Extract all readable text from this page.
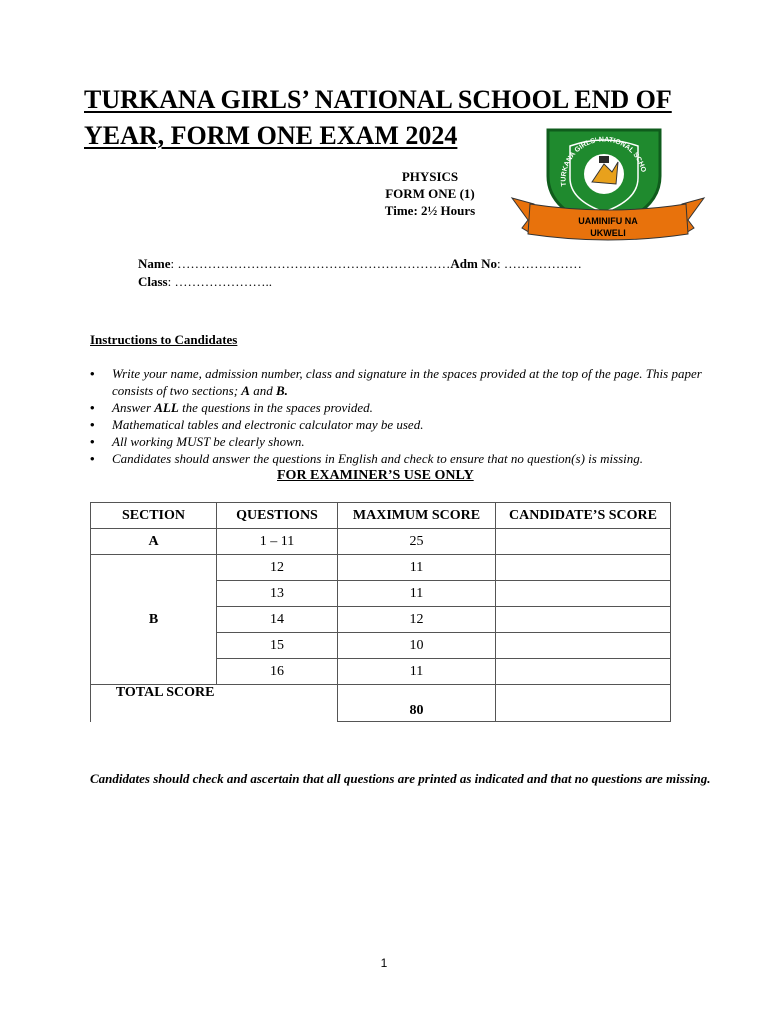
TURKANA GIRLS’ NATIONAL SCHOOL END OF
YEAR, FORM ONE EXAM 2024
PHYSICS
FORM ONE (1)
Time: 2½ Hours
TURKANA GIRLS' NATIONAL SCHO
UAMINIFU NA
UKWELI
Name: ………………………………………………………Adm No: ………………
Class: …………………..
Instructions to Candidates
• Write your name, admission number, class and signature in the spaces provided at the top of the page. This paper consists of two sections; A and B.
• Answer ALL the questions in the spaces provided.
• Mathematical tables and electronic calculator may be used.
• All working MUST be clearly shown.
• Candidates should answer the questions in English and check to ensure that no question(s) is missing.
FOR EXAMINER’S USE ONLY
SECTION	QUESTIONS	MAXIMUM SCORE	CANDIDATE’S SCORE
A	1 – 11	25	
B	12	11	
	13	11	
	14	12	
	15	10	
	16	11	
TOTAL SCORE		80	
Candidates should check and ascertain that all questions are printed as indicated and that no questions are missing.
1
